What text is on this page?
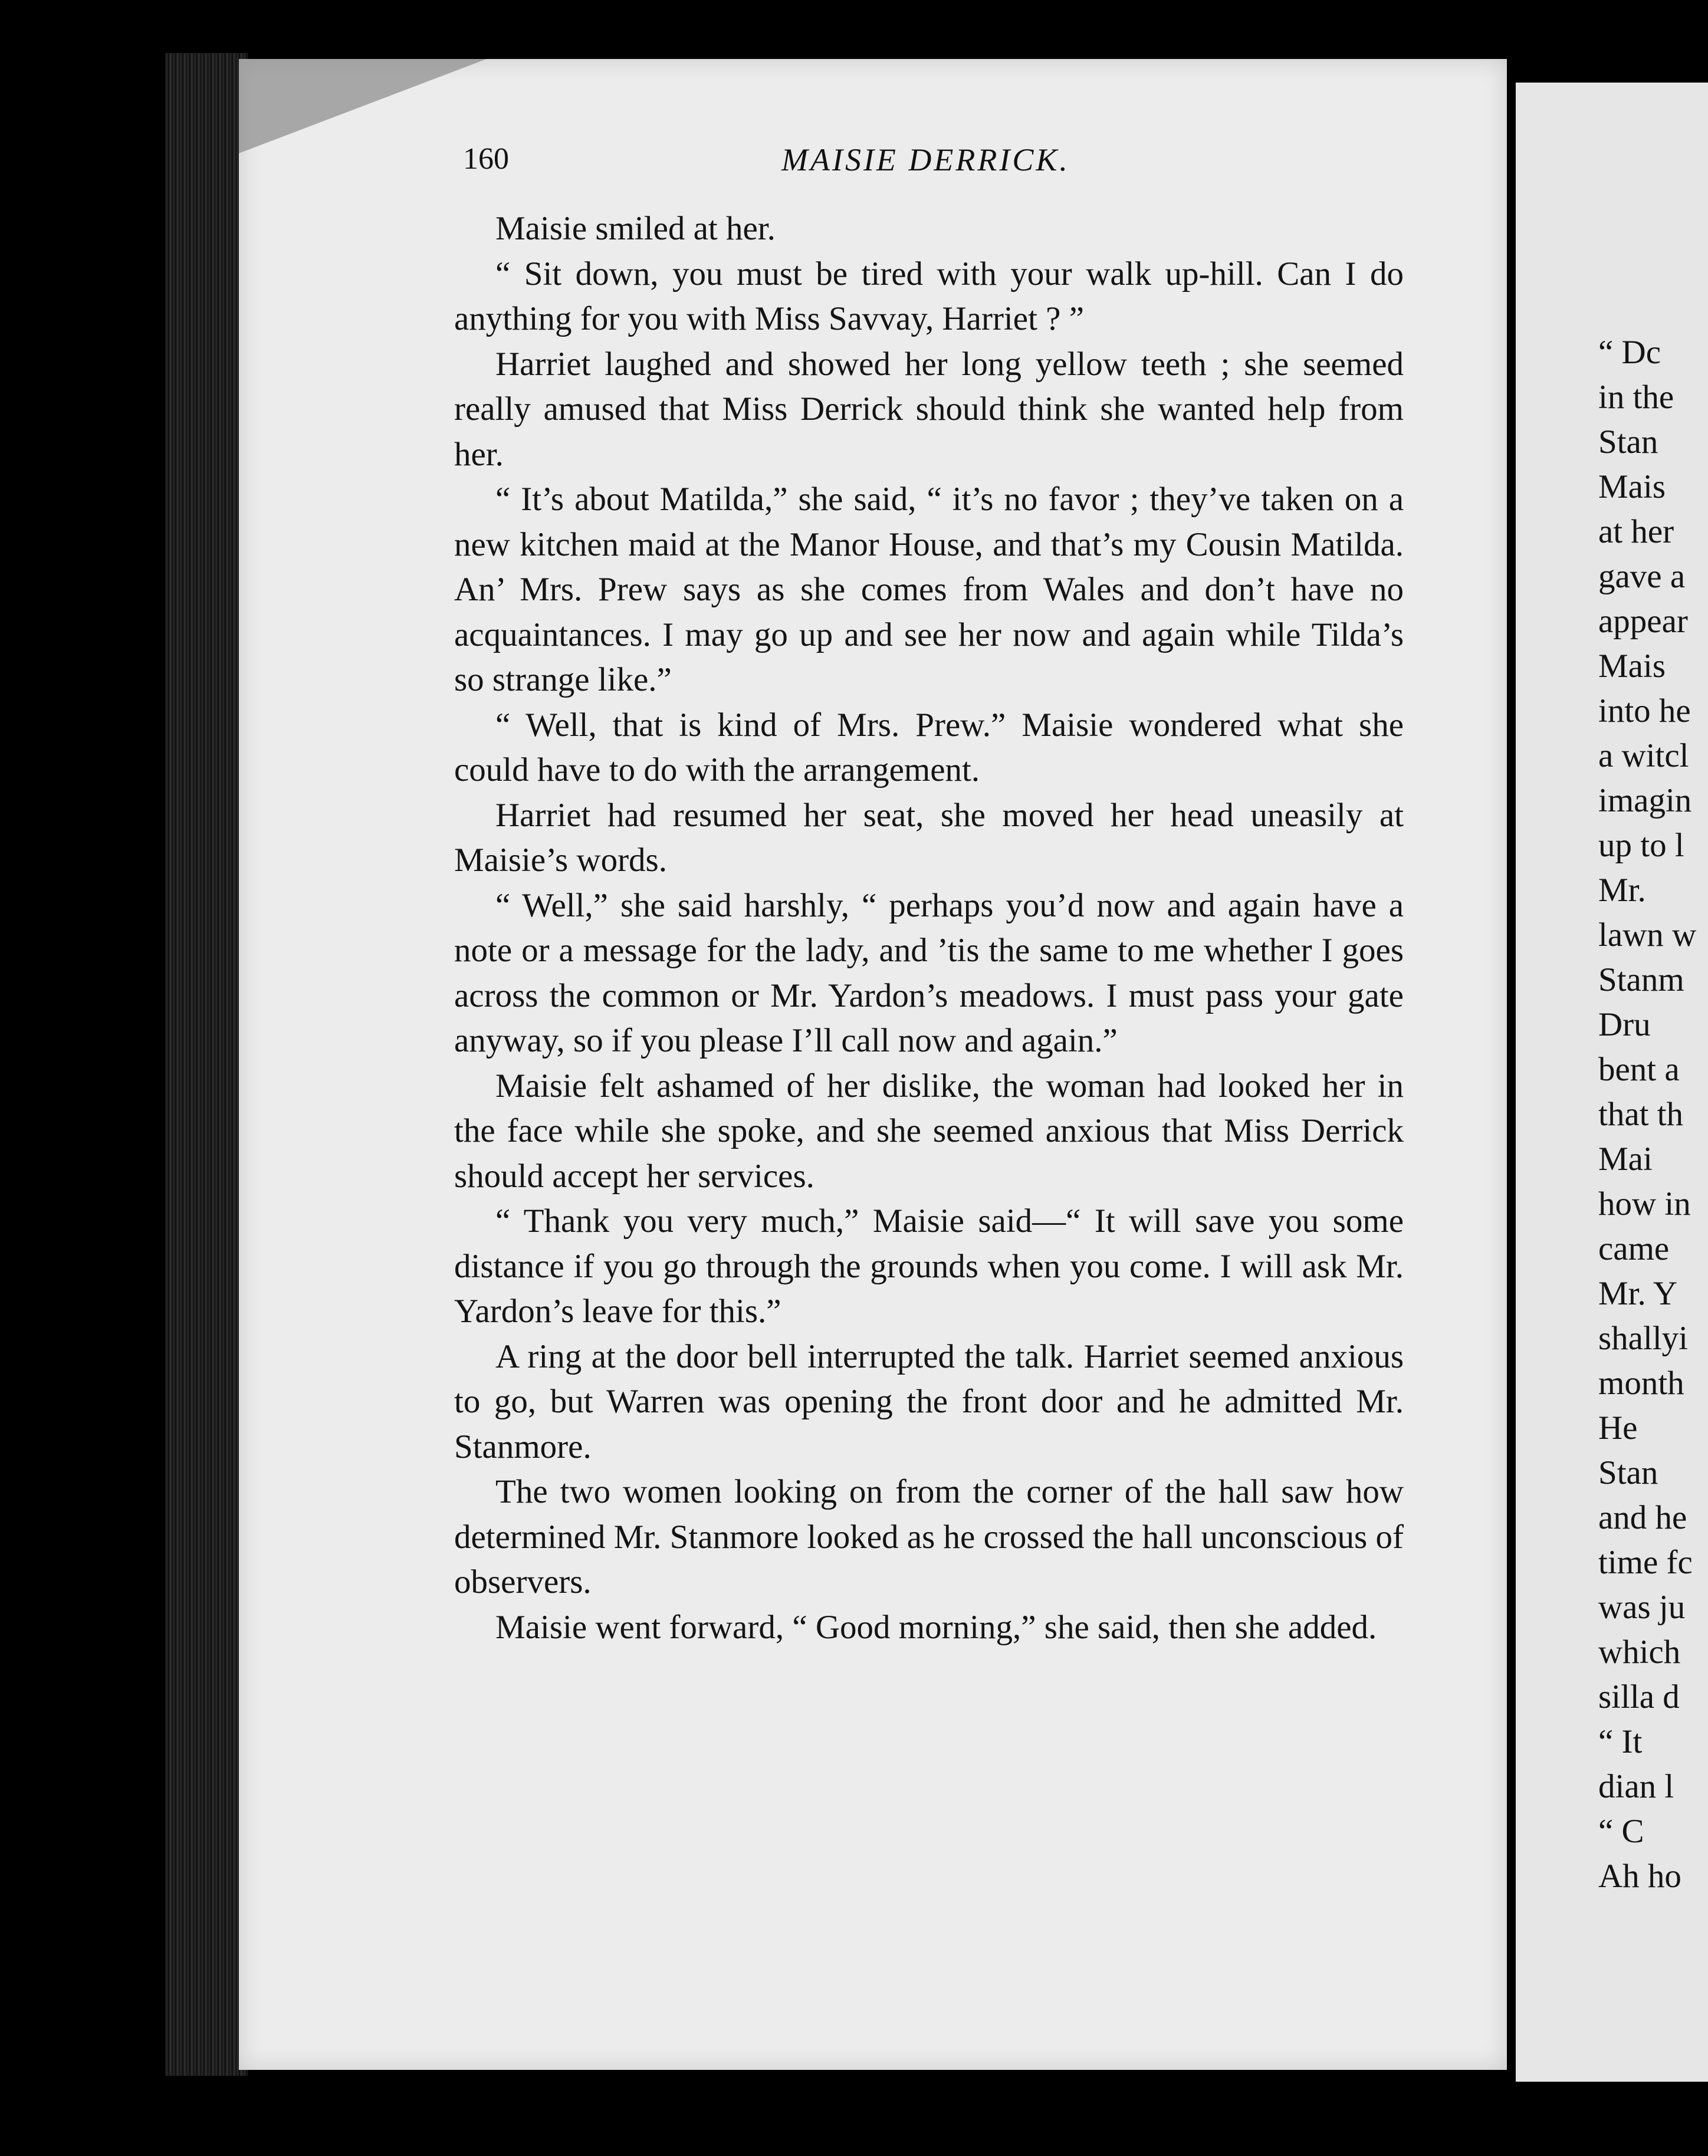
“ Dc
in the
Stan
Mais
at her
gave a
appear
Mais
into he
a witcl
imagin
up to l
Mr.
lawn w
Stanm
Dru
bent a
that th
Mai
how in
came
Mr. Y
shallyi
month
He
Stan
and he
time fc
was ju
which
silla d
“ It
dian l
“ C
Ah ho
160	MAISIE DERRICK.

Maisie smiled at her.

“ Sit down, you must be tired with your walk up-hill. Can I do anything for you with Miss Savvay, Harriet ? ”

Harriet laughed and showed her long yellow teeth ; she seemed really amused that Miss Derrick should think she wanted help from her.

“ It’s about Matilda,” she said, “ it’s no favor ; they’ve taken on a new kitchen maid at the Manor House, and that’s my Cousin Matilda. An’ Mrs. Prew says as she comes from Wales and don’t have no acquaintances. I may go up and see her now and again while Tilda’s so strange like.”

“ Well, that is kind of Mrs. Prew.” Maisie wondered what she could have to do with the arrangement.

Harriet had resumed her seat, she moved her head uneasily at Maisie’s words.

“ Well,” she said harshly, “ perhaps you’d now and again have a note or a message for the lady, and ’tis the same to me whether I goes across the common or Mr. Yardon’s meadows. I must pass your gate anyway, so if you please I’ll call now and again.”

Maisie felt ashamed of her dislike, the woman had looked her in the face while she spoke, and she seemed anxious that Miss Derrick should accept her services.

“ Thank you very much,” Maisie said—“ It will save you some distance if you go through the grounds when you come. I will ask Mr. Yardon’s leave for this.”

A ring at the door bell interrupted the talk. Harriet seemed anxious to go, but Warren was opening the front door and he admitted Mr. Stanmore.

The two women looking on from the corner of the hall saw how determined Mr. Stanmore looked as he crossed the hall unconscious of observers.

Maisie went forward, “ Good morning,” she said, then she added.
